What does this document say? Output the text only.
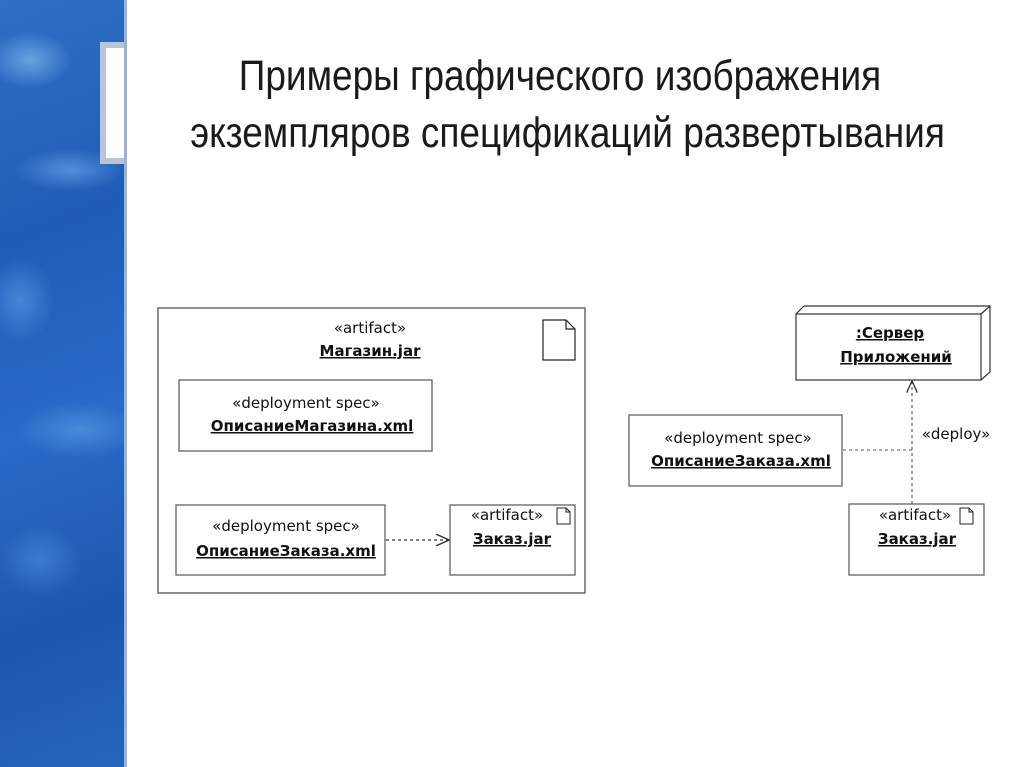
Примеры графического изображения
экземпляров спецификаций развертывания
«artifact»
Магазин.jar
«deployment spec»
ОписаниеМагазина.xml
«deployment spec»
ОписаниеЗаказа.xml
«artifact»
Заказ.jar
:Сервер
Приложений
«deployment spec»
ОписаниеЗаказа.xml
«deploy»
«artifact»
Заказ.jar
